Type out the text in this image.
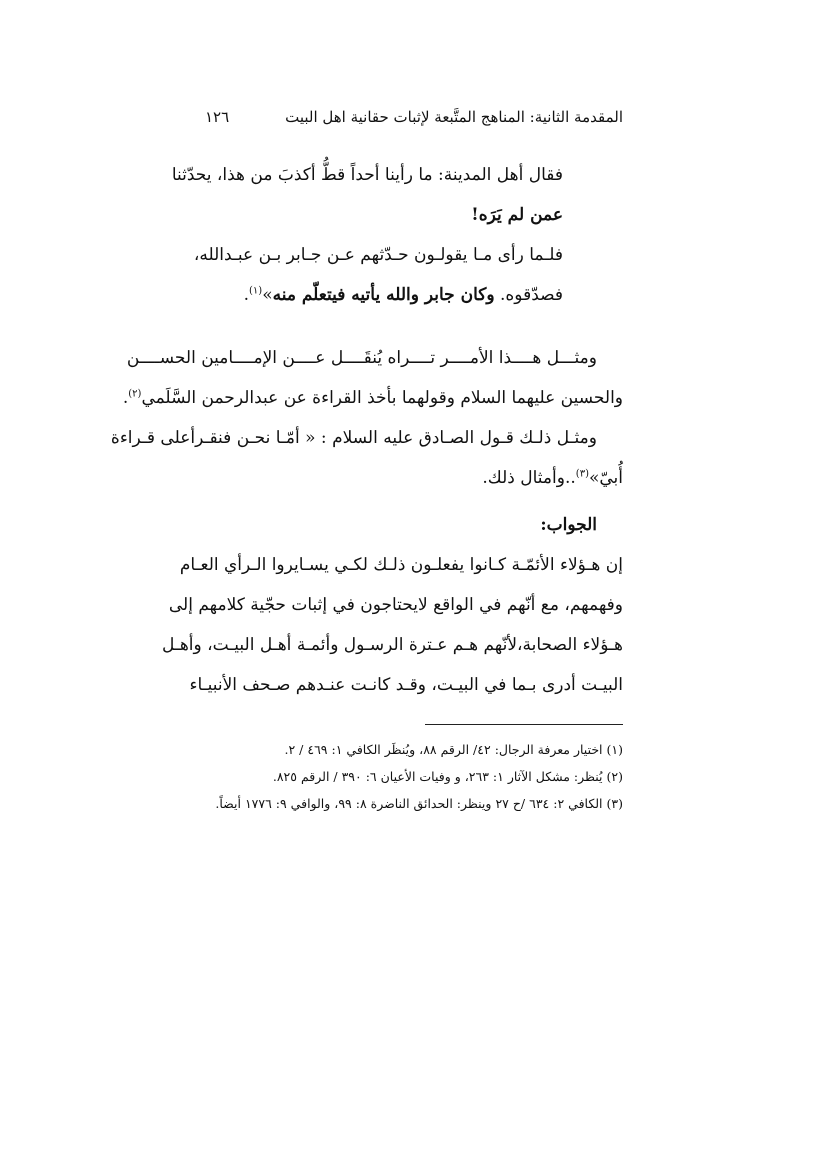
المقدمة الثانية: المناهج المتَّبعة لإثبات حقانية اهل البيت
١٢٦
فقال أهل المدينة: ما رأينا أحداً قطُّ أكذبَ من هذا، يحدّثنا
عمن لم يَرَه!
فلـما رأى مـا يقولـون حـدّثهم عـن جـابر بـن عبـدالله،
فصدّقوه. وكان جابر والله يأتيه فيتعلّم منه»$^{(١)}$.
ومثـــل هــــذا الأمــــر تــــراه يُنقَــــل عــــن الإمــــامين الحســــن
والحسين عليهما السلام وقولهما بأخذ القراءة عن عبدالرحمن السَّلَمي$^{(٢)}$.
ومثـل ذلـك قـول الصـادق عليه السلام : « أمّـا نحـن فنقـرأعلى قـراءة
أُبيّ»$^{(٣)}$..وأمثال ذلك.
الجواب:
إن هـؤلاء الأئمّـة كـانوا يفعلـون ذلـك لكـي يسـايروا الـرأي العـام
وفهمهم، مع أنّهم في الواقع لايحتاجون في إثبات حجّية كلامهم إلى
هـؤلاء الصحابة،لأنّهم هـم عـترة الرسـول وأئمـة أهـل البيـت، وأهـل
البيـت أدرى بـما في البيـت، وقـد كانـت عنـدهم صـحف الأنبيـاء
(١) اختيار معرفة الرجال: ٤٢/ الرقم ٨٨، ويُنظَر الكافي ١: ٤٦٩ / ٢.
(٢) يُنظر: مشكل الآثار ١: ٢٦٣، و وفيات الأعيان ٦: ٣٩٠ / الرقم ٨٢٥.
(٣) الكافي ٢: ٦٣٤ /ح ٢٧ وينظر: الحدائق الناضرة ٨: ٩٩، والوافي ٩: ١٧٧٦ أيضاً.
